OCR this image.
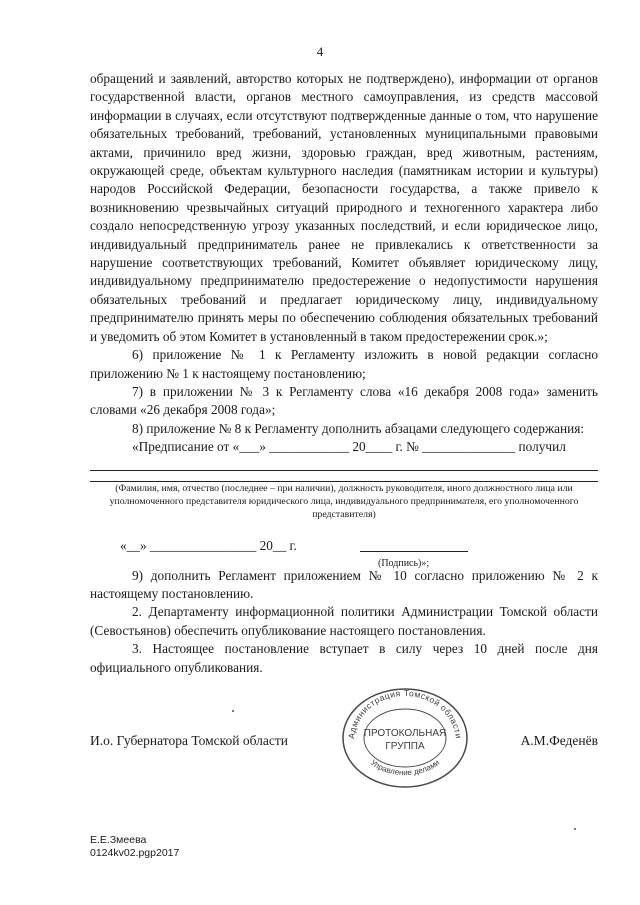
4

обращений и заявлений, авторство которых не подтверждено), информации от органов государственной власти, органов местного самоуправления, из средств массовой информации в случаях, если отсутствуют подтвержденные данные о том, что нарушение обязательных требований, требований, установленных муниципальными правовыми актами, причинило вред жизни, здоровью граждан, вред животным, растениям, окружающей среде, объектам культурного наследия (памятникам истории и культуры) народов Российской Федерации, безопасности государства, а также привело к возникновению чрезвычайных ситуаций природного и техногенного характера либо создало непосредственную угрозу указанных последствий, и если юридическое лицо, индивидуальный предприниматель ранее не привлекались к ответственности за нарушение соответствующих требований, Комитет объявляет юридическому лицу, индивидуальному предпринимателю предостережение о недопустимости нарушения обязательных требований и предлагает юридическому лицу, индивидуальному предпринимателю принять меры по обеспечению соблюдения обязательных требований и уведомить об этом Комитет в установленный в таком предостережении срок.»;

6) приложение № 1 к Регламенту изложить в новой редакции согласно приложению № 1 к настоящему постановлению;

7) в приложении № 3 к Регламенту слова «16 декабря 2008 года» заменить словами «26 декабря 2008 года»;

8) приложение № 8 к Регламенту дополнить абзацами следующего содержания:

«Предписание от «___» ____________ 20____ г. № ______________ получил

(Фамилия, имя, отчество (последнее – при наличии), должность руководителя, иного должностного лица или уполномоченного представителя юридического лица, индивидуального предпринимателя, его уполномоченного представителя)

«__» ________________ 20__ г.
(Подпись)»;

9) дополнить Регламент приложением № 10 согласно приложению № 2 к настоящему постановлению.

2. Департаменту информационной политики Администрации Томской области (Севостьянов) обеспечить опубликование настоящего постановления.

3. Настоящее постановление вступает в силу через 10 дней после дня официального опубликования.

И.о. Губернатора Томской области	А.М.Феденёв
Администрация Томской области
Управление делами
ПРОТОКОЛЬНАЯ
ГРУППА
Е.Е.Змеева
0124kv02.pgp2017
